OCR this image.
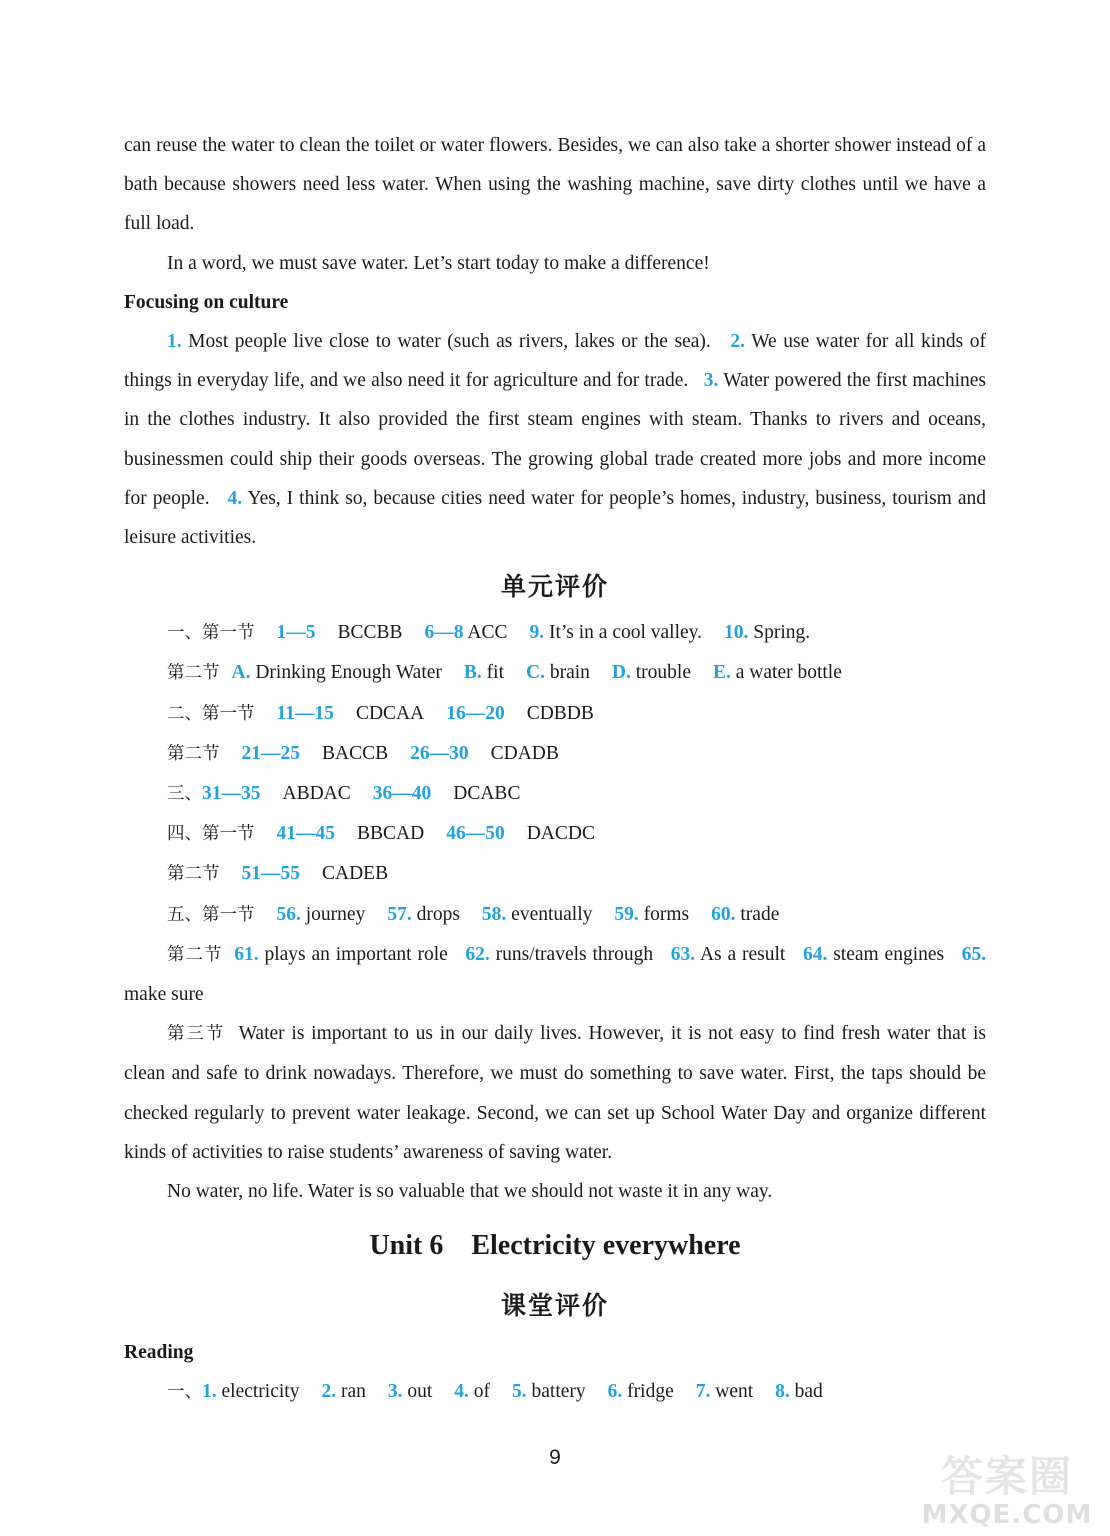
can reuse the water to clean the toilet or water flowers. Besides, we can also take a shorter shower instead of a bath because showers need less water. When using the washing machine, save dirty clothes until we have a full load.

In a word, we must save water. Let’s start today to make a difference!

Focusing on culture

1. Most people live close to water (such as rivers, lakes or the sea). 2. We use water for all kinds of things in everyday life, and we also need it for agriculture and for trade. 3. Water powered the first machines in the clothes industry. It also provided the first steam engines with steam. Thanks to rivers and oceans, businessmen could ship their goods overseas. The growing global trade created more jobs and more income for people. 4. Yes, I think so, because cities need water for people’s homes, industry, business, tourism and leisure activities.

单元评价
一、第一节 1—5 BCCBB 6—8 ACC 9. It’s in a cool valley. 10. Spring.
第二节 A. Drinking Enough Water B. fit C. brain D. trouble E. a water bottle
二、第一节 11—15 CDCAA 16—20 CDBDB
第二节 21—25 BACCB 26—30 CDADB
三、31—35 ABDAC 36—40 DCABC
四、第一节 41—45 BBCAD 46—50 DACDC
第二节 51—55 CADEB
五、第一节 56. journey 57. drops 58. eventually 59. forms 60. trade

第二节 61. plays an important role 62. runs/travels through 63. As a result 64. steam engines 65. make sure

第三节 Water is important to us in our daily lives. However, it is not easy to find fresh water that is clean and safe to drink nowadays. Therefore, we must do something to save water. First, the taps should be checked regularly to prevent water leakage. Second, we can set up School Water Day and organize different kinds of activities to raise students’ awareness of saving water.

No water, no life. Water is so valuable that we should not waste it in any way.

Unit 6    Electricity everywhere
课堂评价
Reading
一、1. electricity 2. ran 3. out 4. of 5. battery 6. fridge 7. went 8. bad
9	答案圈
MXQE.COM
